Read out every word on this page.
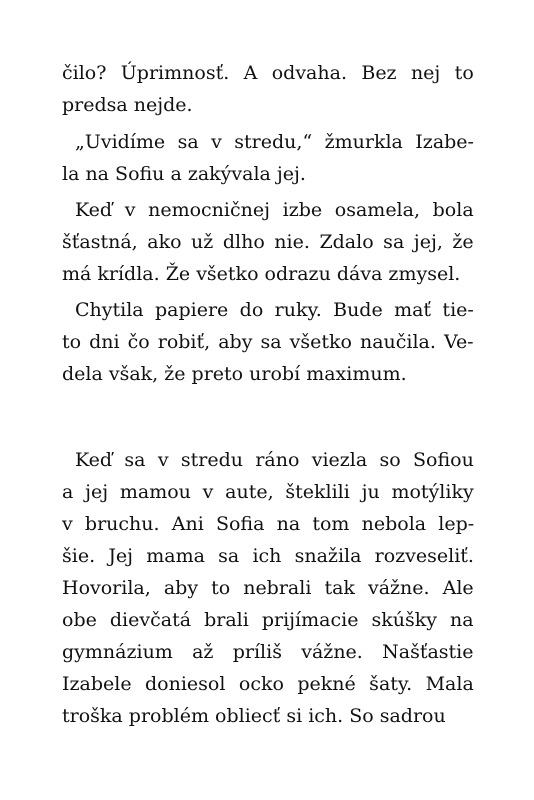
čilo? Úprimnosť. A odvaha. Bez nej to
predsa nejde.
„Uvidíme sa v stredu,“ žmurkla Izabe-
la na Sofiu a zakývala jej.
Keď v nemocničnej izbe osamela, bola
šťastná, ako už dlho nie. Zdalo sa jej, že
má krídla. Že všetko odrazu dáva zmysel.
Chytila papiere do ruky. Bude mať tie-
to dni čo robiť, aby sa všetko naučila. Ve-
dela však, že preto urobí maximum.
Keď sa v stredu ráno viezla so Sofiou
a jej mamou v aute, šteklili ju motýliky
v bruchu. Ani Sofia na tom nebola lep-
šie. Jej mama sa ich snažila rozveseliť.
Hovorila, aby to nebrali tak vážne. Ale
obe dievčatá brali prijímacie skúšky na
gymnázium až príliš vážne. Našťastie
Izabele doniesol ocko pekné šaty. Mala
troška problém obliecť si ich. So sadrou
